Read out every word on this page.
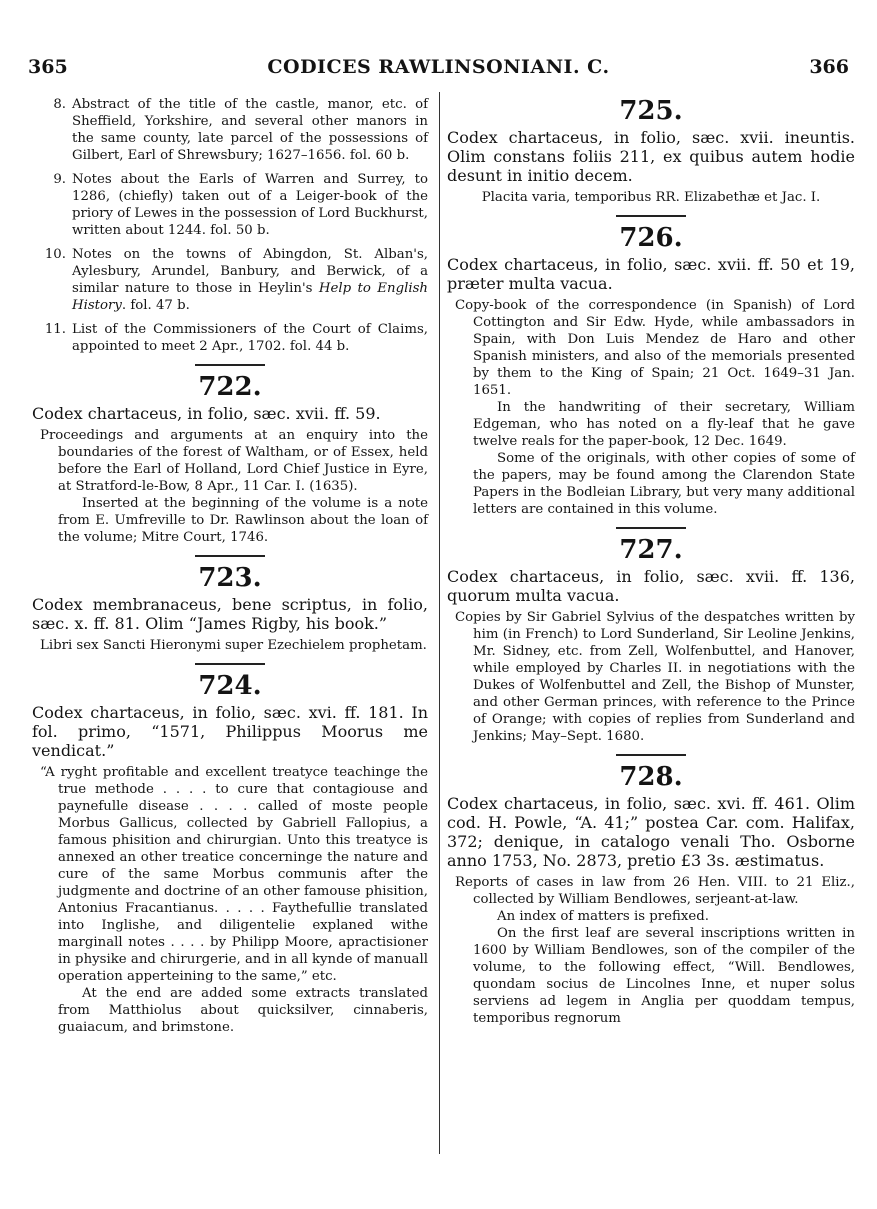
365	CODICES RAWLINSONIANI. C.	366
8. Abstract of the title of the castle, manor, etc. of Sheffield, Yorkshire, and several other manors in the same county, late parcel of the possessions of Gilbert, Earl of Shrewsbury; 1627–1656. fol. 60 b.
9. Notes about the Earls of Warren and Surrey, to 1286, (chiefly) taken out of a Leiger-book of the priory of Lewes in the possession of Lord Buckhurst, written about 1244. fol. 50 b.
10. Notes on the towns of Abingdon, St. Alban's, Aylesbury, Arundel, Banbury, and Berwick, of a similar nature to those in Heylin's Help to English History. fol. 47 b.
11. List of the Commissioners of the Court of Claims, appointed to meet 2 Apr., 1702. fol. 44 b.
722.

Codex chartaceus, in folio, sæc. xvii. ff. 59.

Proceedings and arguments at an enquiry into the boundaries of the forest of Waltham, or of Essex, held before the Earl of Holland, Lord Chief Justice in Eyre, at Stratford-le-Bow, 8 Apr., 11 Car. I. (1635).

Inserted at the beginning of the volume is a note from E. Umfreville to Dr. Rawlinson about the loan of the volume; Mitre Court, 1746.

723.

Codex membranaceus, bene scriptus, in folio, sæc. x. ff. 81. Olim “James Rigby, his book.”

Libri sex Sancti Hieronymi super Ezechielem prophetam.

724.

Codex chartaceus, in folio, sæc. xvi. ff. 181. In fol. primo, “1571, Philippus Moorus me vendicat.”

“A ryght profitable and excellent treatyce teachinge the true methode . . . . to cure that contagiouse and paynefulle disease . . . . called of moste people Morbus Gallicus, collected by Gabriell Fallopius, a famous phisition and chirurgian. Unto this treatyce is annexed an other treatice concerninge the nature and cure of the same Morbus communis after the judgmente and doctrine of an other famouse phisition, Antonius Fracantianus. . . . . Faythefullie translated into Inglishe, and diligentelie explaned withe marginall notes . . . . by Philipp Moore, apractisioner in physike and chirurgerie, and in all kynde of manuall operation apperteining to the same,” etc.

At the end are added some extracts translated from Matthiolus about quicksilver, cinnaberis, guaiacum, and brimstone.

725.

Codex chartaceus, in folio, sæc. xvii. ineuntis. Olim constans foliis 211, ex quibus autem hodie desunt in initio decem.

Placita varia, temporibus RR. Elizabethæ et Jac. I.

726.

Codex chartaceus, in folio, sæc. xvii. ff. 50 et 19, præter multa vacua.

Copy-book of the correspondence (in Spanish) of Lord Cottington and Sir Edw. Hyde, while ambassadors in Spain, with Don Luis Mendez de Haro and other Spanish ministers, and also of the memorials presented by them to the King of Spain; 21 Oct. 1649–31 Jan. 1651.

In the handwriting of their secretary, William Edgeman, who has noted on a fly-leaf that he gave twelve reals for the paper-book, 12 Dec. 1649.

Some of the originals, with other copies of some of the papers, may be found among the Clarendon State Papers in the Bodleian Library, but very many additional letters are contained in this volume.

727.

Codex chartaceus, in folio, sæc. xvii. ff. 136, quorum multa vacua.

Copies by Sir Gabriel Sylvius of the despatches written by him (in French) to Lord Sunderland, Sir Leoline Jenkins, Mr. Sidney, etc. from Zell, Wolfenbuttel, and Hanover, while employed by Charles II. in negotiations with the Dukes of Wolfenbuttel and Zell, the Bishop of Munster, and other German princes, with reference to the Prince of Orange; with copies of replies from Sunderland and Jenkins; May–Sept. 1680.

728.

Codex chartaceus, in folio, sæc. xvi. ff. 461. Olim cod. H. Powle, “A. 41;” postea Car. com. Halifax, 372; denique, in catalogo venali Tho. Osborne anno 1753, No. 2873, pretio £3 3s. æstimatus.

Reports of cases in law from 26 Hen. VIII. to 21 Eliz., collected by William Bendlowes, serjeant-at-law.

An index of matters is prefixed.

On the first leaf are several inscriptions written in 1600 by William Bendlowes, son of the compiler of the volume, to the following effect, “Will. Bendlowes, quondam socius de Lincolnes Inne, et nuper solus serviens ad legem in Anglia per quoddam tempus, temporibus regnorum
